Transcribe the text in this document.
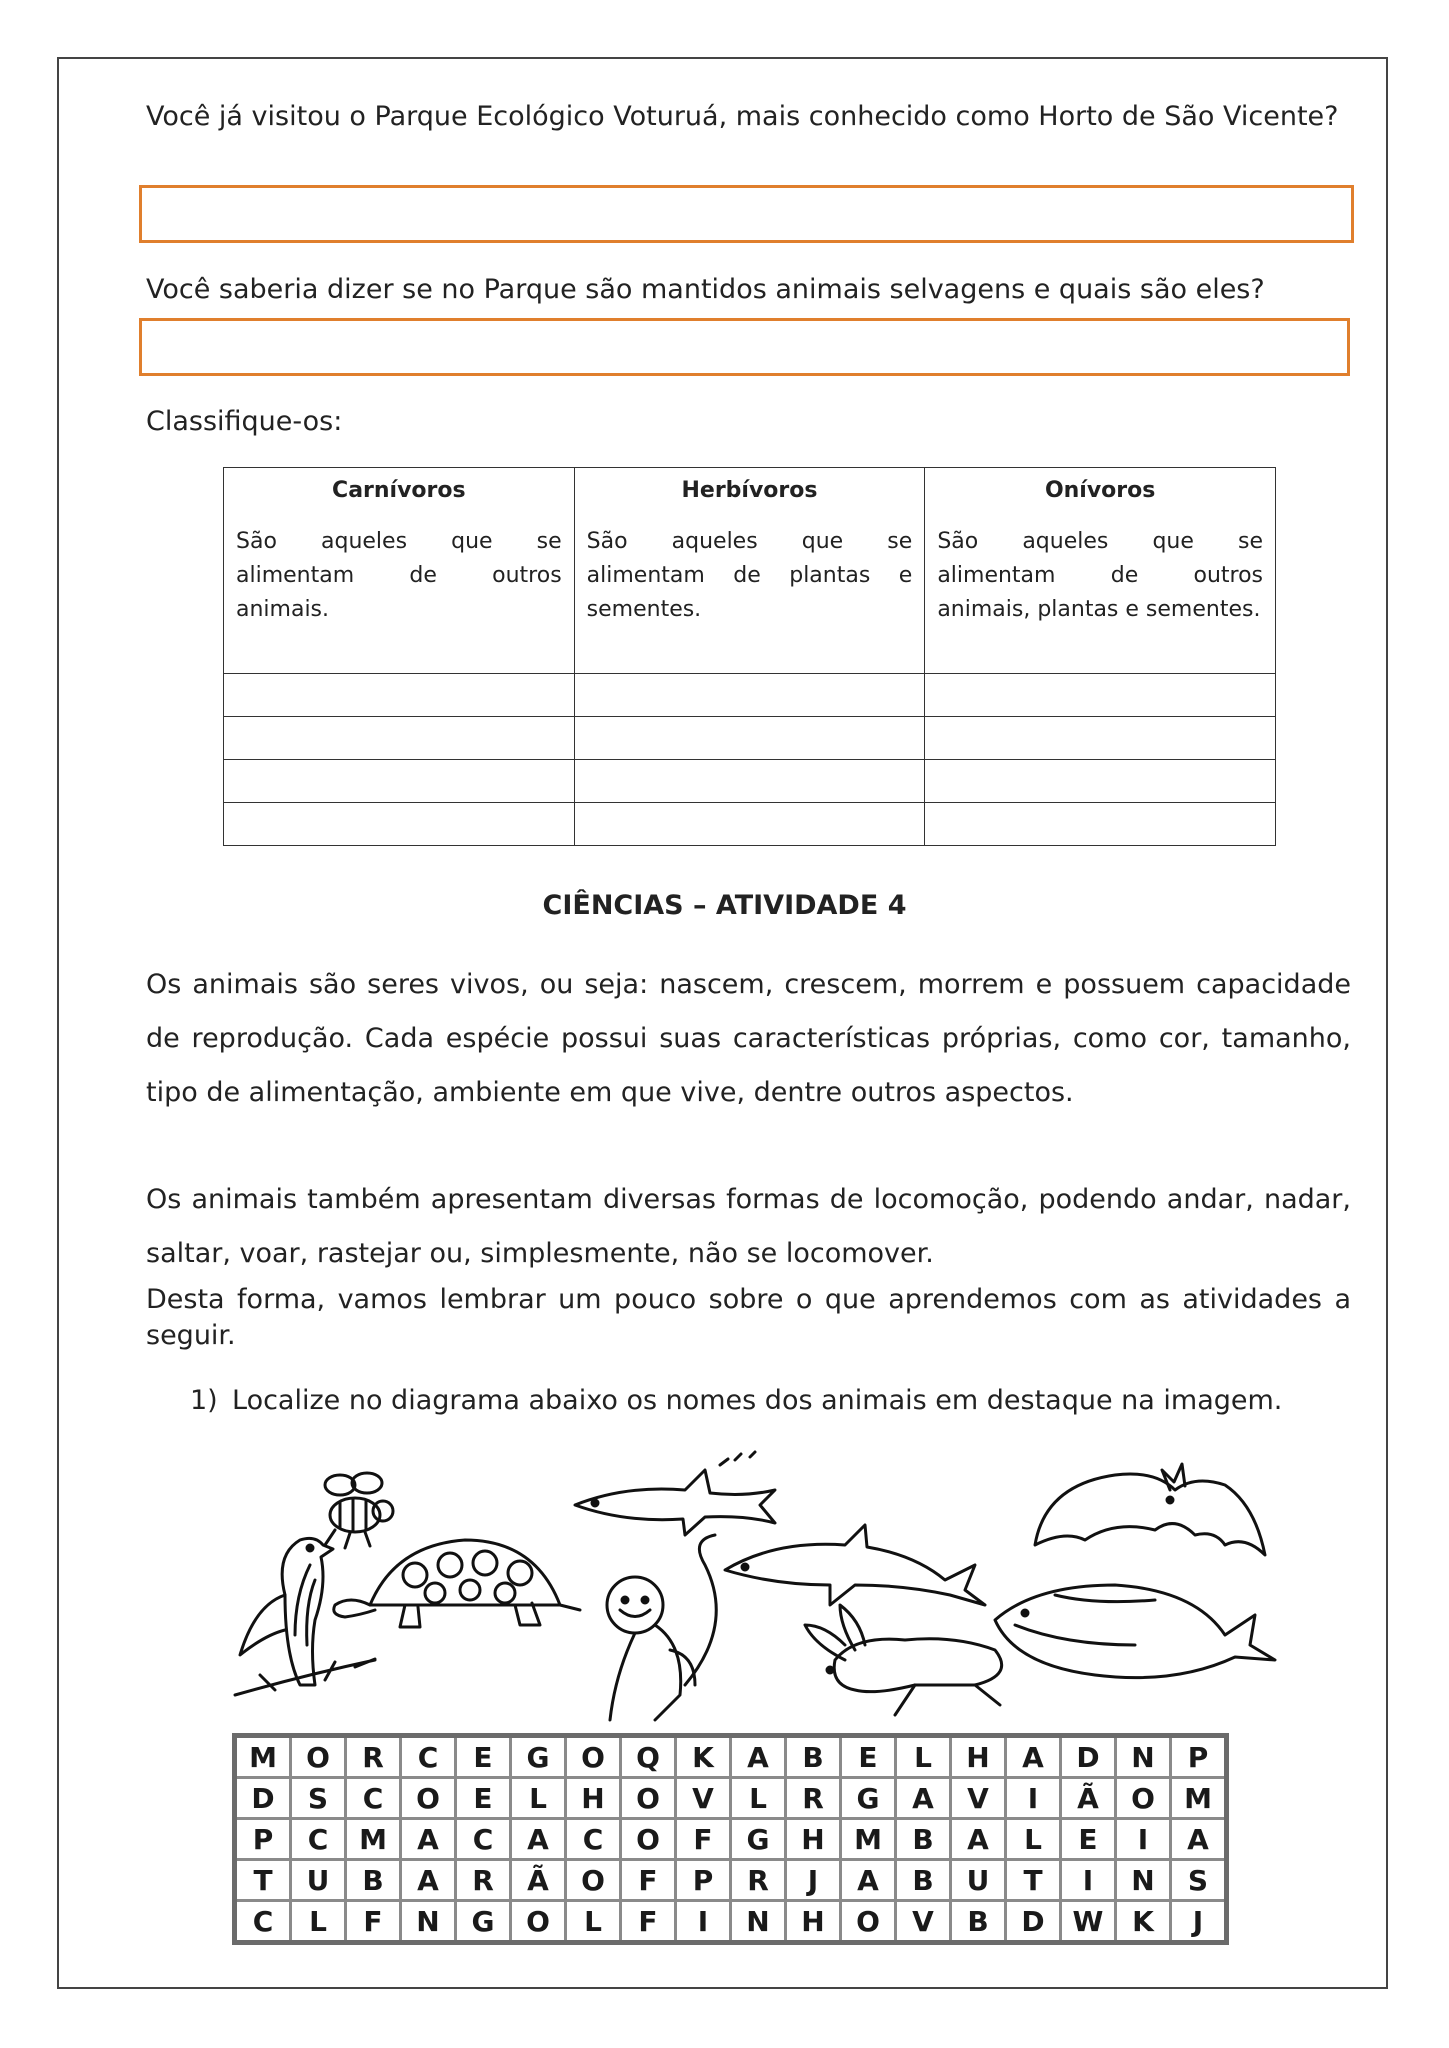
Você já visitou o Parque Ecológico Voturuá, mais conhecido como Horto de São Vicente?

Você saberia dizer se no Parque são mantidos animais selvagens e quais são eles?

Classifique-os:

Carnívoros	Herbívoros	Onívoros
São aqueles que se alimentam de outros animais.	São aqueles que se alimentam de plantas e sementes.	São aqueles que se alimentam de outros animais, plantas e sementes.

CIÊNCIAS – ATIVIDADE 4

Os animais são seres vivos, ou seja: nascem, crescem, morrem e possuem capacidade de reprodução. Cada espécie possui suas características próprias, como cor, tamanho, tipo de alimentação, ambiente em que vive, dentre outros aspectos.

Os animais também apresentam diversas formas de locomoção, podendo andar, nadar, saltar, voar, rastejar ou, simplesmente, não se locomover.

Desta forma, vamos lembrar um pouco sobre o que aprendemos com as atividades a seguir.

1) Localize no diagrama abaixo os nomes dos animais em destaque na imagem.
M	O	R	C	E	G	O	Q	K	A	B	E	L	H	A	D	N	P
D	S	C	O	E	L	H	O	V	L	R	G	A	V	I	Ã	O	M
P	C	M	A	C	A	C	O	F	G	H	M	B	A	L	E	I	A
T	U	B	A	R	Ã	O	F	P	R	J	A	B	U	T	I	N	S
C	L	F	N	G	O	L	F	I	N	H	O	V	B	D	W	K	J
